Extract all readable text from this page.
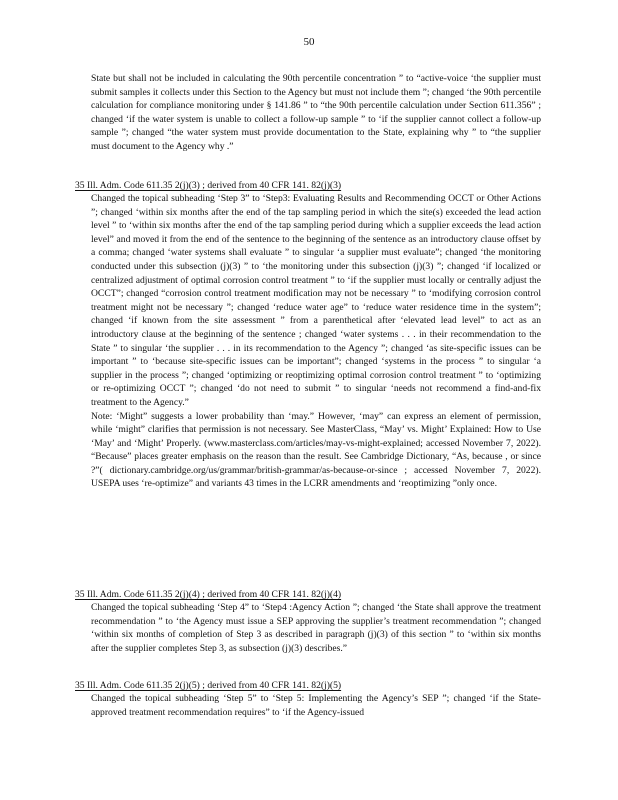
50

State but shall not be included in calculating the 90th percentile concentration ” to “active-voice ‘the supplier must submit samples it collects under this Section to the Agency but must not include them ”; changed ‘the 90th percentile calculation for compliance monitoring under § 141.86 ” to “the 90th percentile calculation under Section 611.356” ; changed ‘if the water system is unable to collect a follow-up sample ” to ‘if the supplier cannot collect a follow-up sample ”; changed “the water system must provide documentation to the State, explaining why ” to “the supplier must document to the Agency why .”

35 Ill. Adm. Code 611.35 2(j)(3) ; derived from 40 CFR 141. 82(j)(3)

Changed the topical subheading ‘Step 3” to ‘Step3: Evaluating Results and Recommending OCCT or Other Actions ”; changed ‘within six months after the end of the tap sampling period in which the site(s) exceeded the lead action level ” to ‘within six months after the end of the tap sampling period during which a supplier exceeds the lead action level” and moved it from the end of the sentence to the beginning of the sentence as an introductory clause offset by a comma; changed ‘water systems shall evaluate ” to singular ‘a supplier must evaluate”; changed ‘the monitoring conducted under this subsection (j)(3) ” to ‘the monitoring under this subsection (j)(3) ”; changed ‘if localized or centralized adjustment of optimal corrosion control treatment ” to ‘if the supplier must locally or centrally adjust the OCCT”; changed “corrosion control treatment modification may not be necessary ” to ‘modifying corrosion control treatment might not be necessary ”; changed ‘reduce water age” to ‘reduce water residence time in the system”; changed ‘if known from the site assessment ” from a parenthetical after ‘elevated lead level” to act as an introductory clause at the beginning of the sentence ; changed ‘water systems . . . in their recommendation to the State ” to singular ‘the supplier . . . in its recommendation to the Agency ”; changed ‘as site-specific issues can be important ” to ‘because site-specific issues can be important”; changed ‘systems in the process ” to singular ‘a supplier in the process ”; changed ‘optimizing or reoptimizing optimal corrosion control treatment ” to ‘optimizing or re-optimizing OCCT ”; changed ‘do not need to submit ” to singular ‘needs not recommend a find-and-fix treatment to the Agency.”

Note: ‘Might” suggests a lower probability than ‘may.” However, ‘may” can express an element of permission, while ‘might” clarifies that permission is not necessary. See MasterClass, “May’ vs. Might’ Explained: How to Use ‘May’ and ‘Might’ Properly. (www.masterclass.com/articles/may-vs-might-explained; accessed November 7, 2022). “Because” places greater emphasis on the reason than the result. See Cambridge Dictionary, “As, because , or since ?”( dictionary.cambridge.org/us/grammar/british-grammar/as-because-or-since ; accessed November 7, 2022). USEPA uses ‘re-optimize” and variants 43 times in the LCRR amendments and ‘reoptimizing ”only once.

35 Ill. Adm. Code 611.35 2(j)(4) ; derived from 40 CFR 141. 82(j)(4)

Changed the topical subheading ‘Step 4” to ‘Step4 :Agency Action ”; changed ‘the State shall approve the treatment recommendation ” to ‘the Agency must issue a SEP approving the supplier’s treatment recommendation ”; changed ‘within six months of completion of Step 3 as described in paragraph (j)(3) of this section ” to ‘within six months after the supplier completes Step 3, as subsection (j)(3) describes.”

35 Ill. Adm. Code 611.35 2(j)(5) ; derived from 40 CFR 141. 82(j)(5)

Changed the topical subheading ‘Step 5” to ‘Step 5: Implementing the Agency’s SEP ”; changed ‘if the State-approved treatment recommendation requires” to ‘if the Agency-issued
